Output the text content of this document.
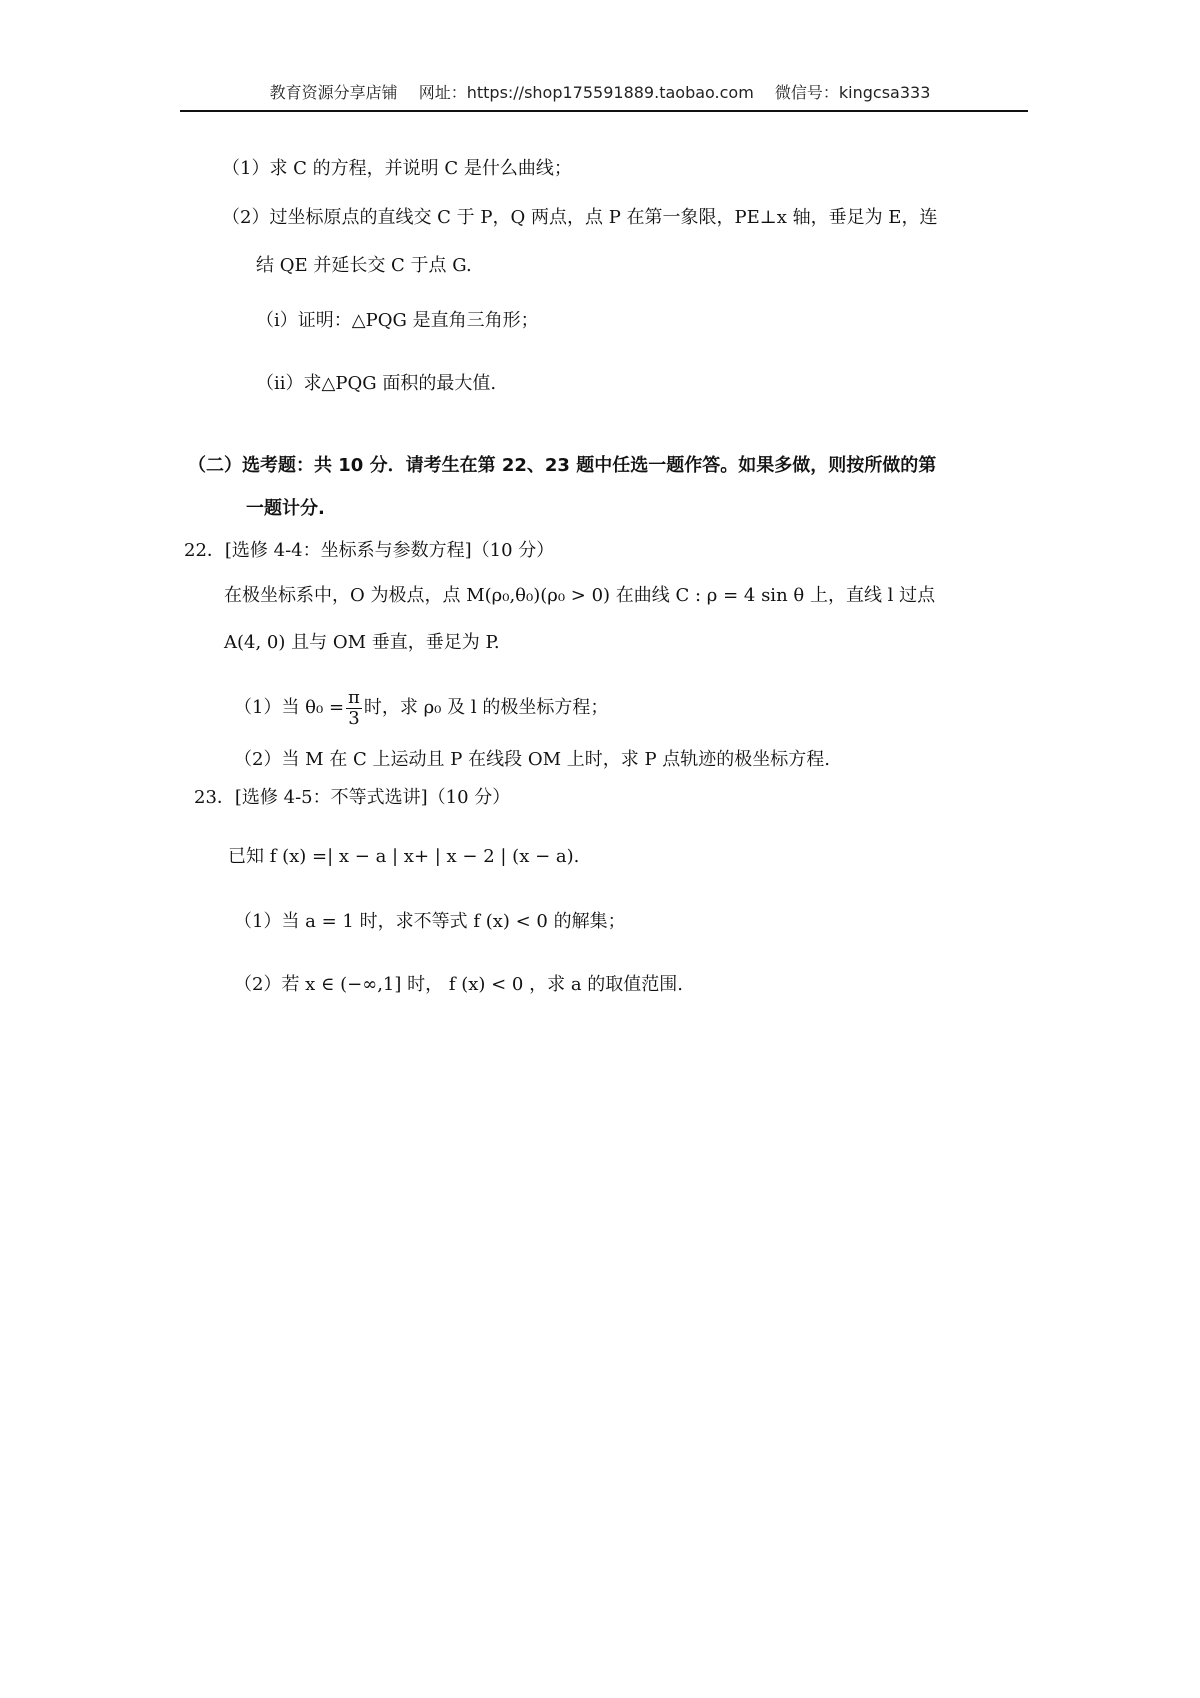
教育资源分享店铺 网址：https://shop175591889.taobao.com 微信号：kingcsa333
（1）求 C 的方程，并说明 C 是什么曲线；
（2）过坐标原点的直线交 C 于 P，Q 两点，点 P 在第一象限，PE⊥x 轴，垂足为 E，连
结 QE 并延长交 C 于点 G.
（i）证明：△PQG 是直角三角形；
（ii）求△PQG 面积的最大值.
（二）选考题：共 10 分．请考生在第 22、23 题中任选一题作答。如果多做，则按所做的第
一题计分.
22．[选修 4-4：坐标系与参数方程]（10 分）
在极坐标系中，O 为极点，点 M(ρ₀,θ₀)(ρ₀ > 0) 在曲线 C : ρ = 4 sin θ 上，直线 l 过点
A(4, 0) 且与 OM 垂直，垂足为 P.
（1）当 $\theta_0 = \frac{\pi}{3}$ 时，求 ρ₀ 及 l 的极坐标方程；
（2）当 M 在 C 上运动且 P 在线段 OM 上时，求 P 点轨迹的极坐标方程.
23．[选修 4-5：不等式选讲]（10 分）
已知 f (x) =| x − a | x+ | x − 2 | (x − a).
（1）当 a = 1 时，求不等式 f (x) < 0 的解集；
（2）若 x ∈ (−∞,1] 时， f (x) < 0 ，求 a 的取值范围.
